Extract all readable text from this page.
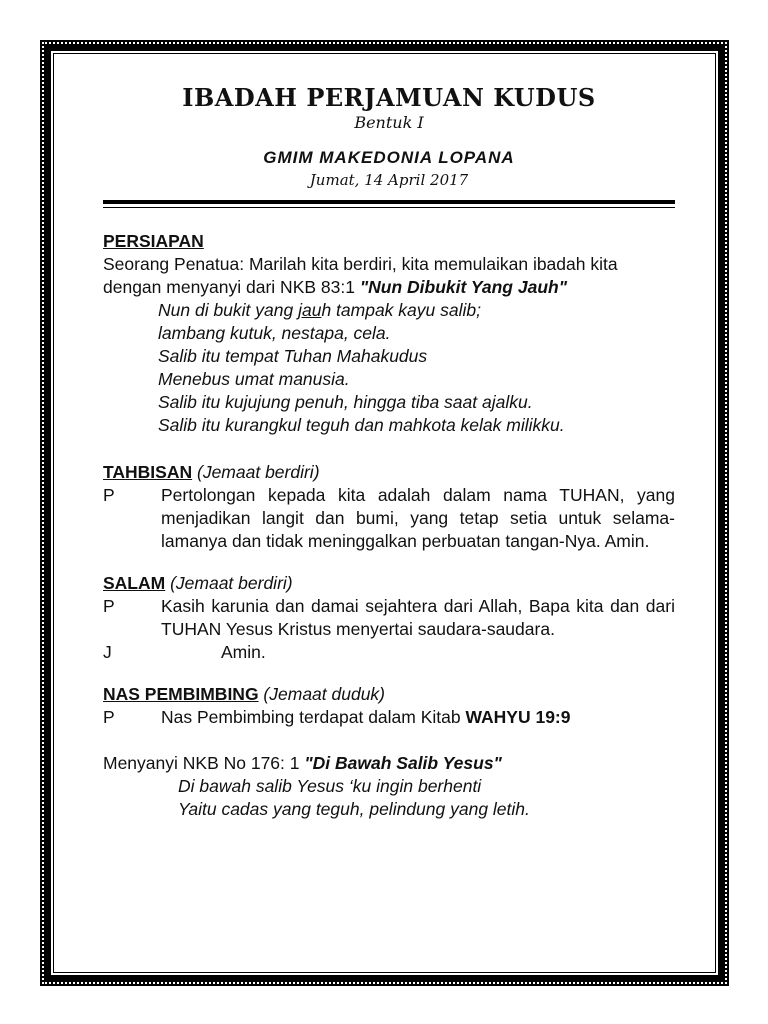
IBADAH PERJAMUAN KUDUS
Bentuk I
GMIM MAKEDONIA LOPANA
Jumat, 14 April 2017
PERSIAPAN
Seorang Penatua: Marilah kita berdiri, kita memulaikan ibadah kita dengan menyanyi dari NKB 83:1 "Nun Dibukit Yang Jauh"
Nun di bukit yang jauh tampak kayu salib;
lambang kutuk, nestapa, cela.
Salib itu tempat Tuhan Mahakudus
Menebus umat manusia.
Salib itu kujujung penuh, hingga tiba saat ajalku.
Salib itu kurangkul teguh dan mahkota kelak milikku.
TAHBISAN (Jemaat berdiri)
P	Pertolongan kepada kita adalah dalam nama TUHAN, yang menjadikan langit dan bumi, yang tetap setia untuk selama-lamanya dan tidak meninggalkan perbuatan tangan-Nya. Amin.
SALAM (Jemaat berdiri)
P	Kasih karunia dan damai sejahtera dari Allah, Bapa kita dan dari TUHAN Yesus Kristus menyertai saudara-saudara.
J	Amin.
NAS PEMBIMBING (Jemaat duduk)
P	Nas Pembimbing terdapat dalam Kitab WAHYU 19:9
Menyanyi NKB No 176: 1 "Di Bawah Salib Yesus"
Di bawah salib Yesus ‘ku ingin berhenti
Yaitu cadas yang teguh, pelindung yang letih.
